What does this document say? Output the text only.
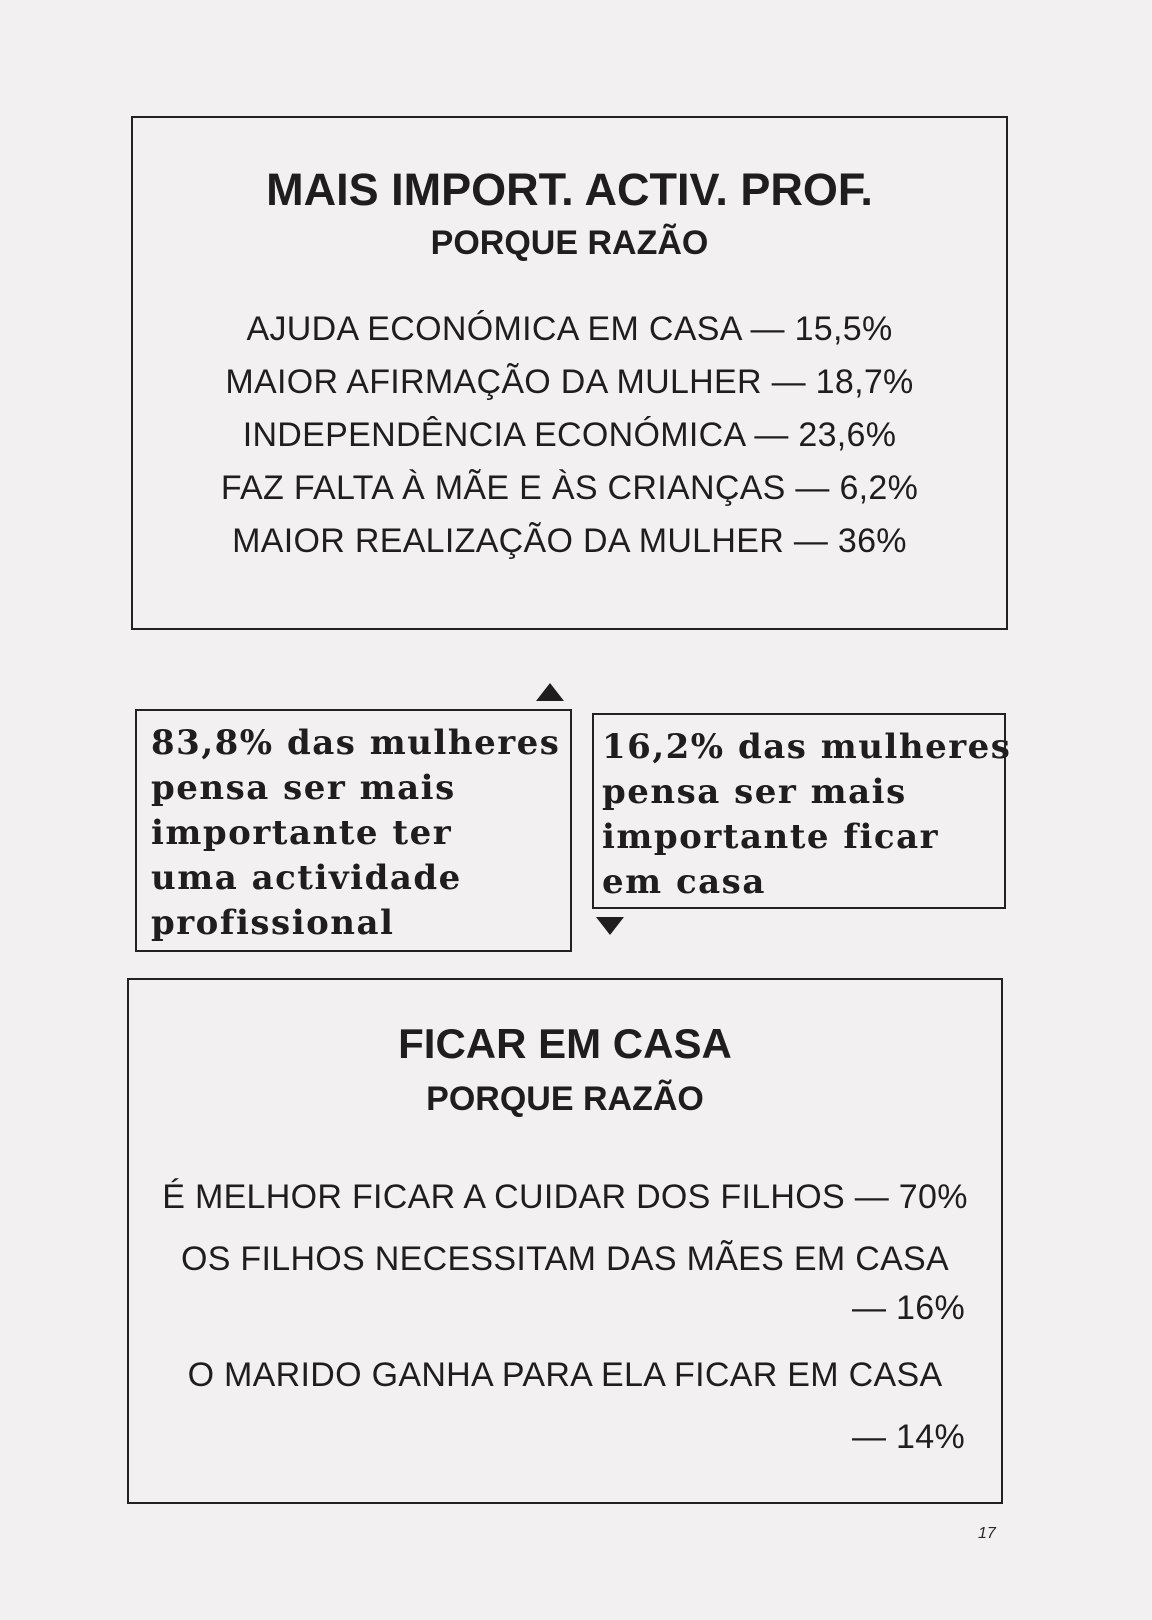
MAIS IMPORT. ACTIV. PROF.
PORQUE RAZÃO
AJUDA ECONÓMICA EM CASA — 15,5%
MAIOR AFIRMAÇÃO DA MULHER — 18,7%
INDEPENDÊNCIA ECONÓMICA — 23,6%
FAZ FALTA À MÃE E ÀS CRIANÇAS — 6,2%
MAIOR REALIZAÇÃO DA MULHER — 36%
83,8% das mulheres
pensa ser mais
importante ter
uma actividade
profissional
16,2% das mulheres
pensa ser mais
importante ficar
em casa
FICAR EM CASA
PORQUE RAZÃO
É MELHOR FICAR A CUIDAR DOS FILHOS — 70%
OS FILHOS NECESSITAM DAS MÃES EM CASA
— 16%
O MARIDO GANHA PARA ELA FICAR EM CASA
— 14%
17
